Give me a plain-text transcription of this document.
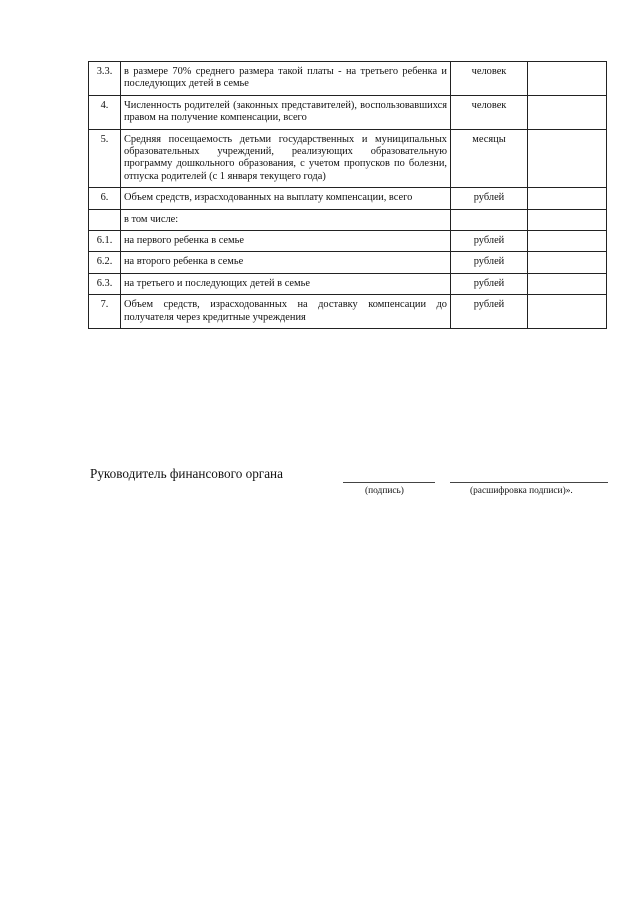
3.3.	в размере 70% среднего размера такой платы - на третьего ребенка и последующих детей в семье	человек	
4.	Численность родителей (законных представителей), воспользовавшихся правом на получение компенсации, всего	человек	
5.	Средняя посещаемость детьми государственных и муниципальных образовательных учреждений, реализующих образовательную программу дошкольного образования, с учетом пропусков по болезни, отпуска родителей (с 1 января текущего года)	месяцы	
6.	Объем средств, израсходованных на выплату компенсации, всего	рублей	
	в том числе:		
6.1.	на первого ребенка в семье	рублей	
6.2.	на второго ребенка в семье	рублей	
6.3.	на третьего и последующих детей в семье	рублей	
7.	Объем средств, израсходованных на доставку компенсации до получателя через кредитные учреждения	рублей	
Руководитель финансового органа
(подпись)	(расшифровка подписи)».
